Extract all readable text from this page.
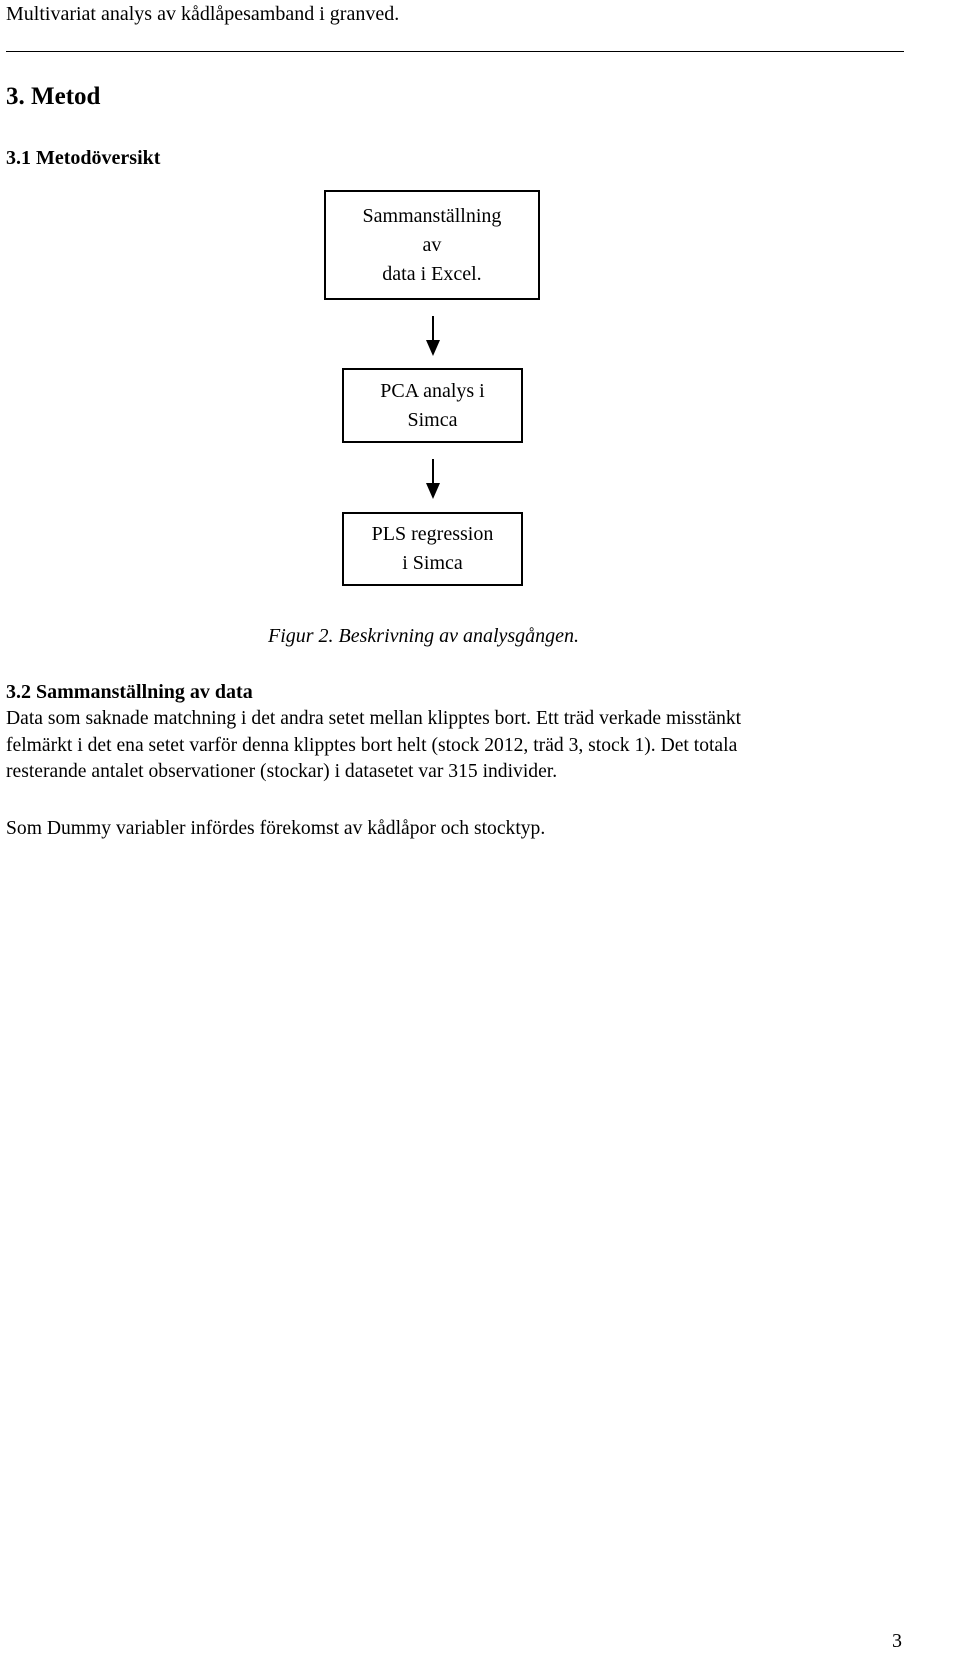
Multivariat analys av kådlåpesamband i granved.
3. Metod
3.1 Metodöversikt
Sammanställning
av
data i Excel.
PCA analys i
Simca
PLS regression
i Simca
Figur 2. Beskrivning av analysgången.
3.2 Sammanställning av data

Data som saknade matchning i det andra setet mellan klipptes bort. Ett träd verkade misstänkt
felmärkt i det ena setet varför denna klipptes bort helt (stock 2012, träd 3, stock 1). Det totala
resterande antalet observationer (stockar) i datasetet var 315 individer.

Som Dummy variabler infördes förekomst av kådlåpor och stocktyp.

3
